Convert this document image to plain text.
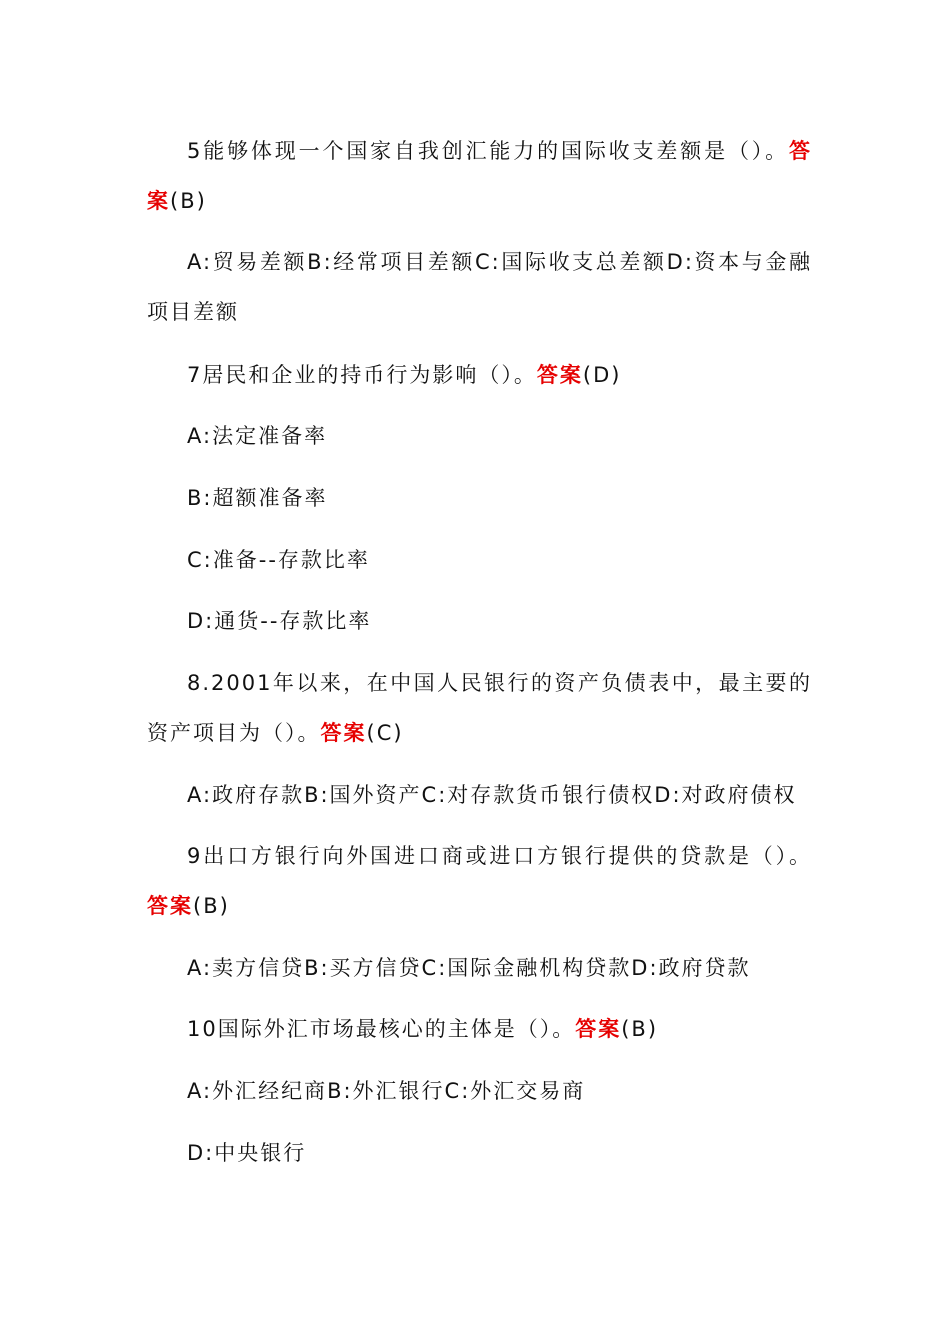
5能够体现一个国家自我创汇能力的国际收支差额是（）。答案(B)

A:贸易差额B:经常项目差额C:国际收支总差额D:资本与金融项目差额

7居民和企业的持币行为影响（）。答案(D)

A:法定准备率

B:超额准备率

C:准备--存款比率

D:通货--存款比率

8.2001年以来，在中国人民银行的资产负债表中，最主要的资产项目为（）。答案(C)

A:政府存款B:国外资产C:对存款货币银行债权D:对政府债权

9出口方银行向外国进口商或进口方银行提供的贷款是（）。答案(B)

A:卖方信贷B:买方信贷C:国际金融机构贷款D:政府贷款

10国际外汇市场最核心的主体是（）。答案(B)

A:外汇经纪商B:外汇银行C:外汇交易商

D:中央银行
